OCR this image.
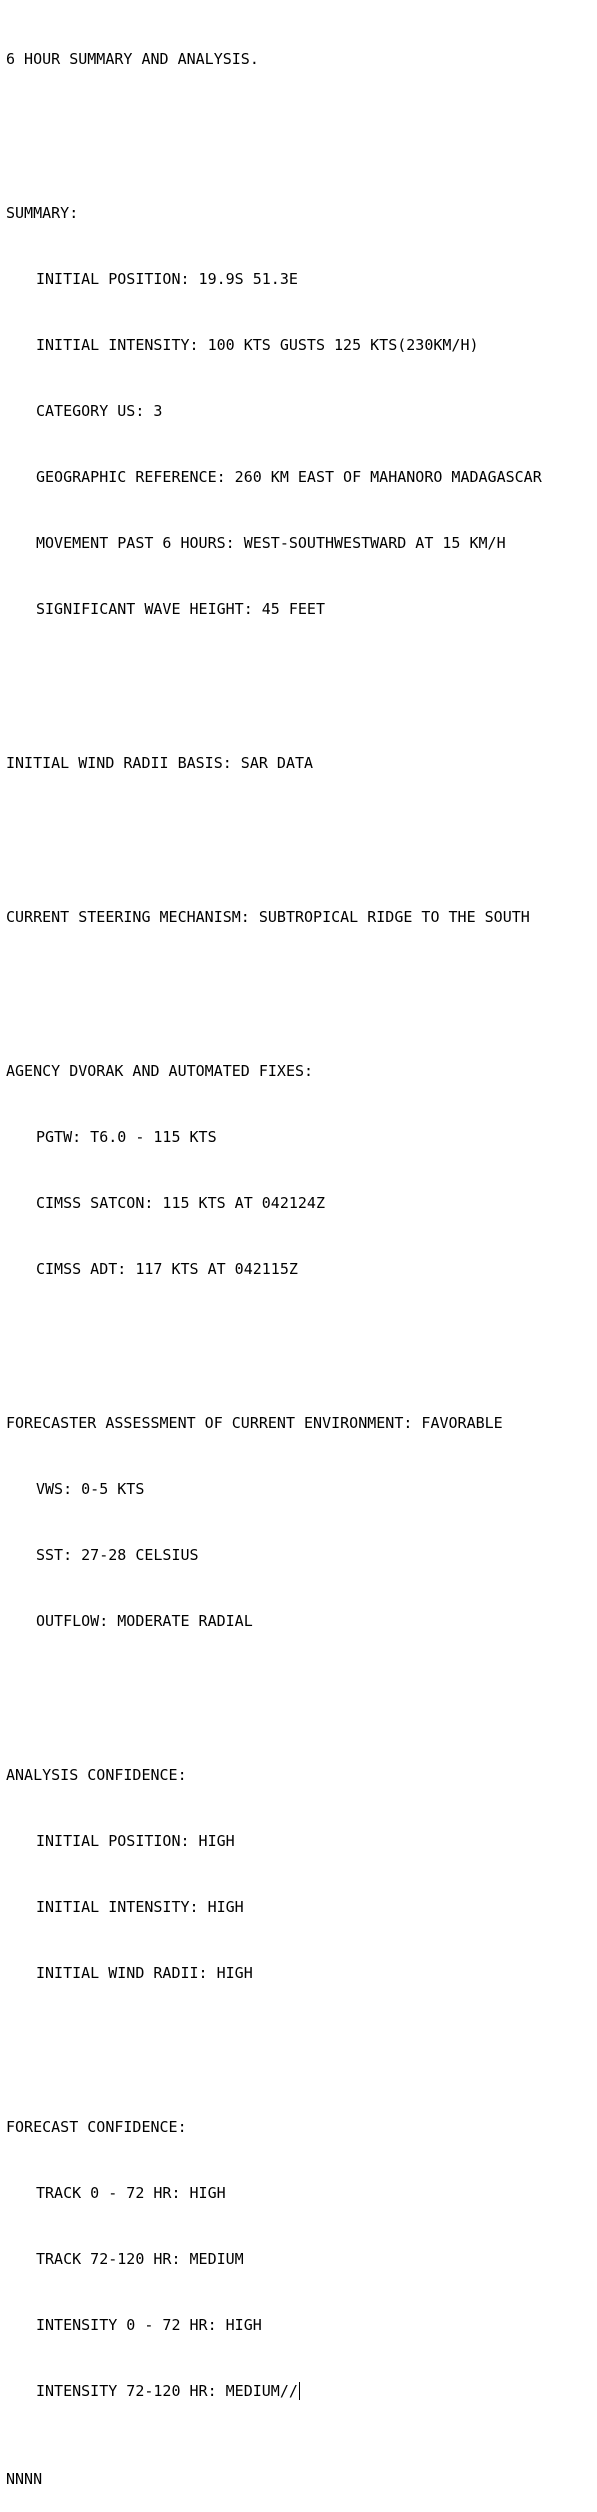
6 HOUR SUMMARY AND ANALYSIS.

SUMMARY:

INITIAL POSITION: 19.9S 51.3E

INITIAL INTENSITY: 100 KTS GUSTS 125 KTS(230KM/H)

CATEGORY US: 3

GEOGRAPHIC REFERENCE: 260 KM EAST OF MAHANORO MADAGASCAR

MOVEMENT PAST 6 HOURS: WEST-SOUTHWESTWARD AT 15 KM/H

SIGNIFICANT WAVE HEIGHT: 45 FEET

INITIAL WIND RADII BASIS: SAR DATA

CURRENT STEERING MECHANISM: SUBTROPICAL RIDGE TO THE SOUTH

AGENCY DVORAK AND AUTOMATED FIXES:

PGTW: T6.0 - 115 KTS

CIMSS SATCON: 115 KTS AT 042124Z

CIMSS ADT: 117 KTS AT 042115Z

FORECASTER ASSESSMENT OF CURRENT ENVIRONMENT: FAVORABLE

VWS: 0-5 KTS

SST: 27-28 CELSIUS

OUTFLOW: MODERATE RADIAL

ANALYSIS CONFIDENCE:

INITIAL POSITION: HIGH

INITIAL INTENSITY: HIGH

INITIAL WIND RADII: HIGH

FORECAST CONFIDENCE:

TRACK 0 - 72 HR: HIGH

TRACK 72-120 HR: MEDIUM

INTENSITY 0 - 72 HR: HIGH

INTENSITY 72-120 HR: MEDIUM//

NNNN
